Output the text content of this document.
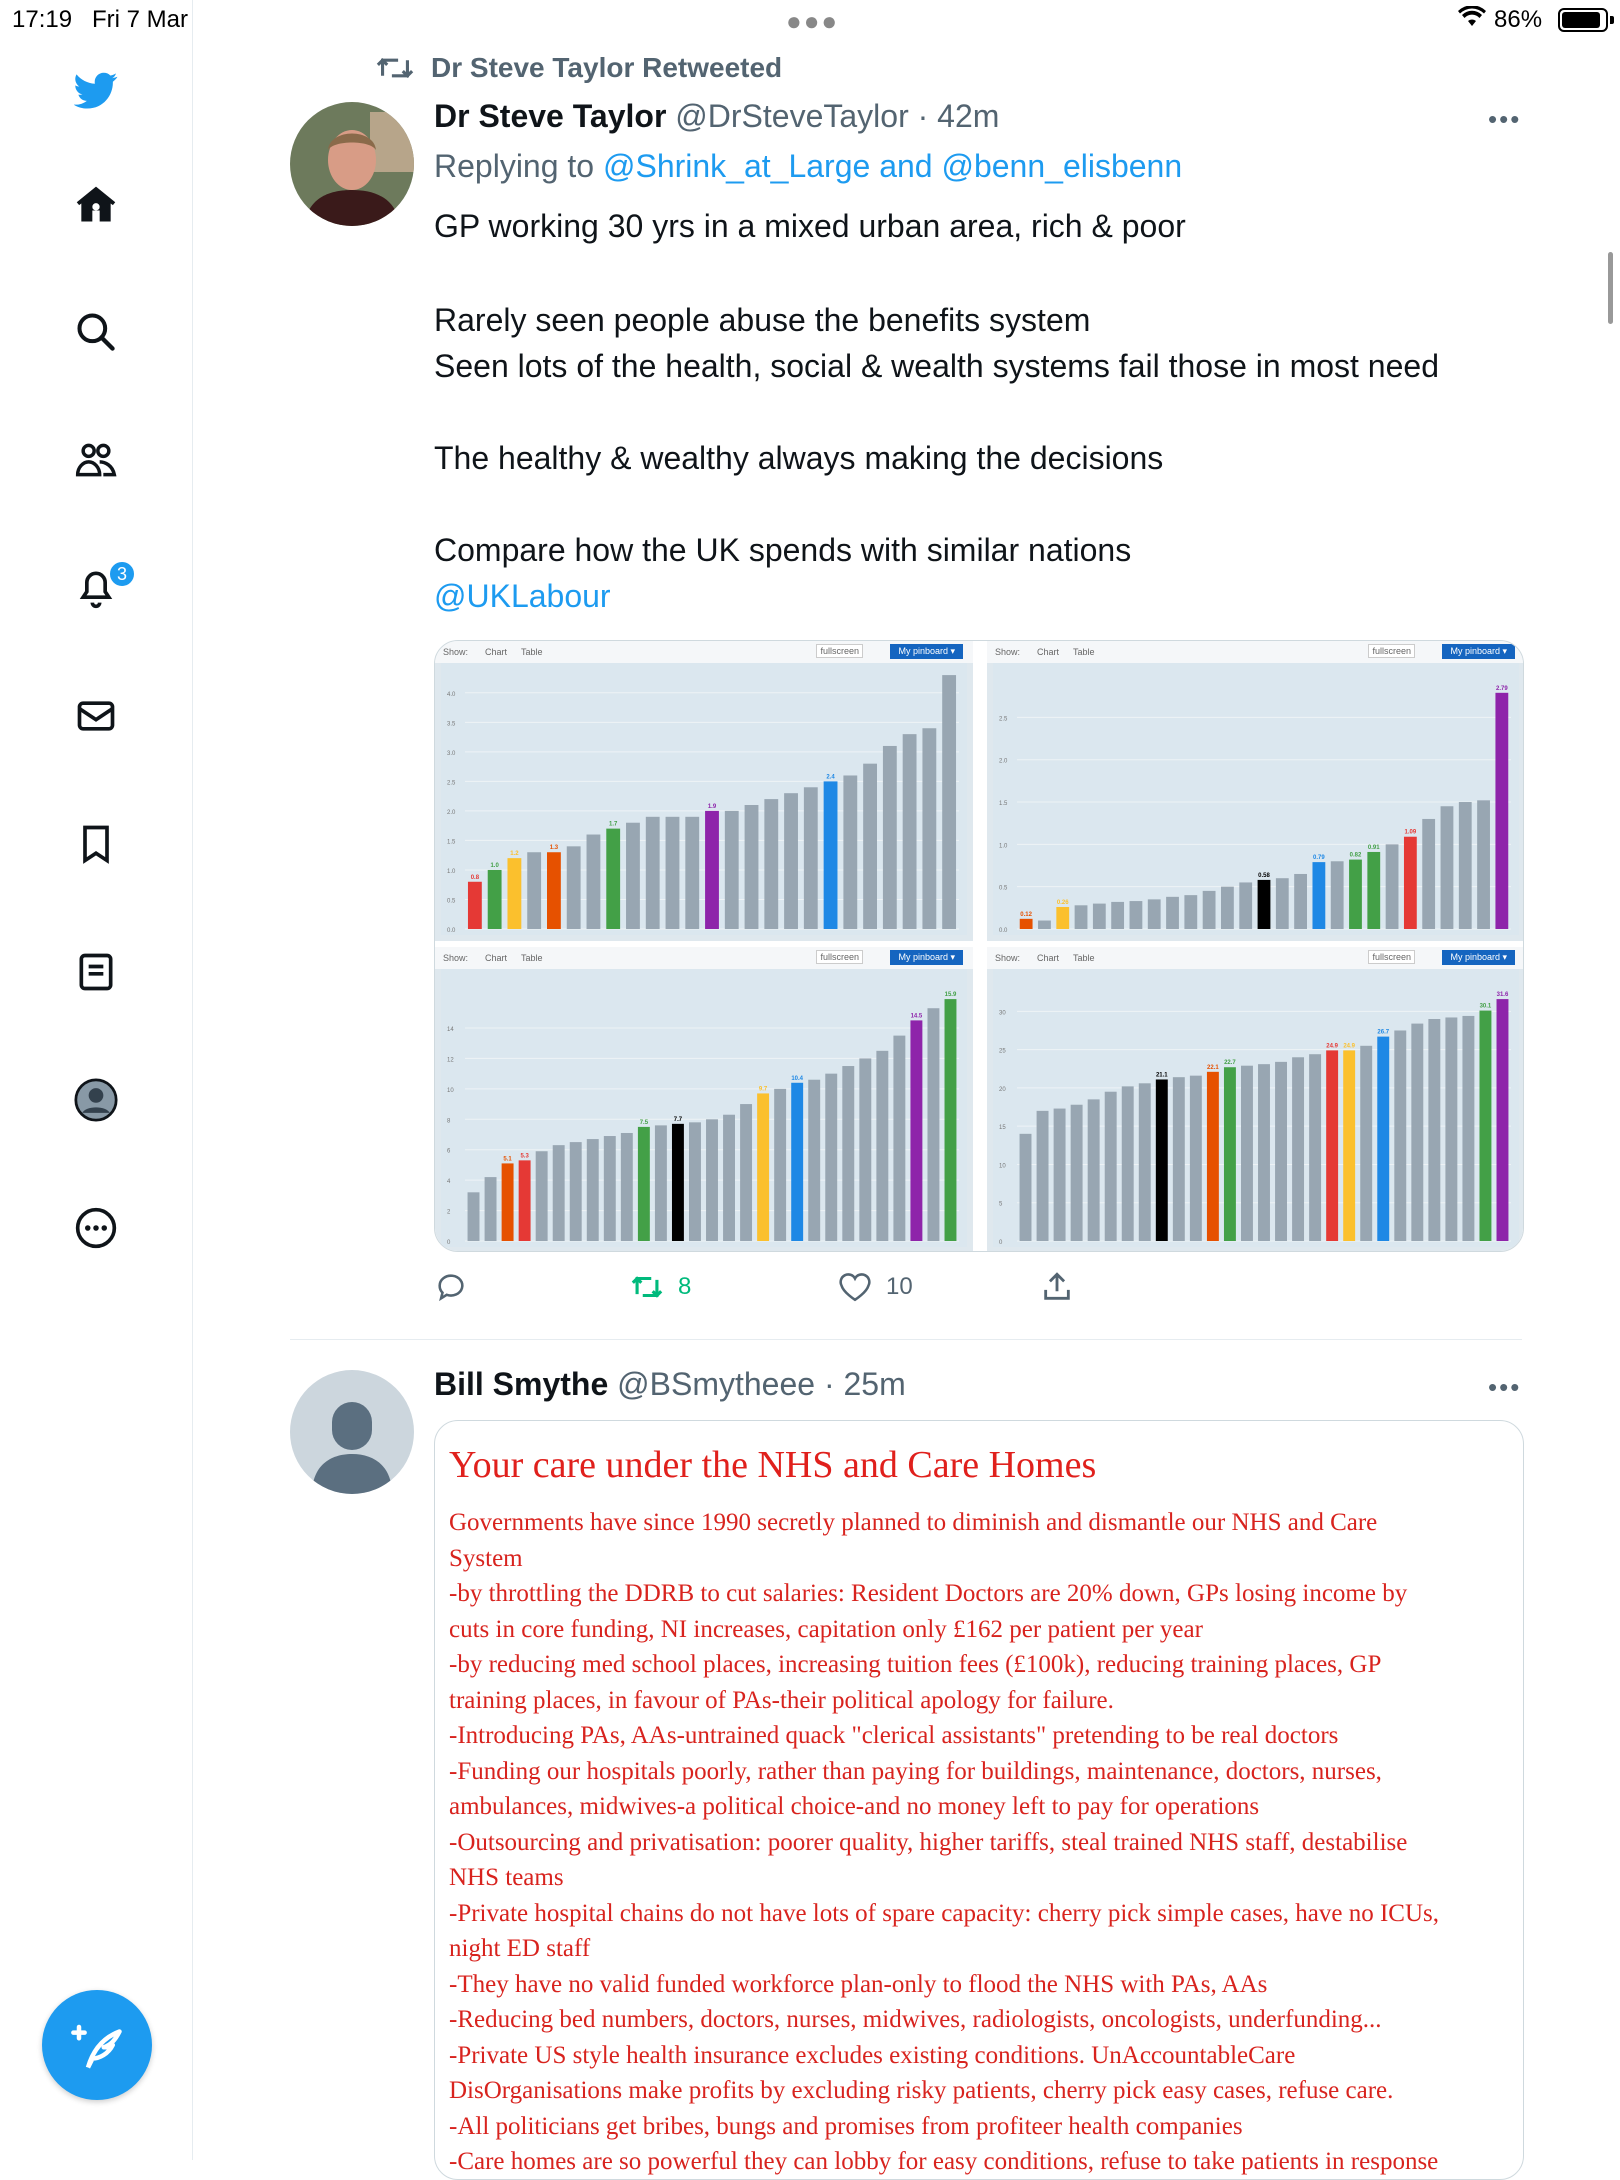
17:19 Fri 7 Mar	●●●	86%
3
Dr Steve Taylor Retweeted
Dr Steve Taylor @DrSteveTaylor · 42m	•••
Replying to @Shrink_at_Large and @benn_elisbenn
GP working 30 yrs in a mixed urban area, rich & poor
Rarely seen people abuse the benefits system
Seen lots of the health, social & wealth systems fail those in most need
The healthy & wealthy always making the decisions
Compare how the UK spends with similar nations
@UKLabour
Show: Chart Table	fullscreen	My pinboard ▾
0.0
0.5
1.0
1.5
2.0
2.5
3.0
3.5
4.0
0.8
1.0
1.2
1.3
1.7
1.9
2.4
Show: Chart Table	fullscreen	My pinboard ▾
0.0
0.5
1.0
1.5
2.0
2.5
0.12
0.26
0.58
0.79	0.82
0.91
1.09
2.79
Show: Chart Table	fullscreen	My pinboard ▾
0
2
4
6
8
10
12
14
5.1
5.3
7.5
7.7
9.7
10.4
14.5
15.9
Show: Chart Table	fullscreen	My pinboard ▾
0
5
10
15
20
25
30
21.1
22.1
22.7
24.9 24.9
26.7
30.1
31.6
8	10
Bill Smythe @BSmytheee · 25m	•••
Your care under the NHS and Care Homes
Governments have since 1990 secretly planned to diminish and dismantle our NHS and Care
System
-by throttling the DDRB to cut salaries: Resident Doctors are 20% down, GPs losing income by
cuts in core funding, NI increases, capitation only £162 per patient per year
-by reducing med school places, increasing tuition fees (£100k), reducing training places, GP
training places, in favour of PAs-their political apology for failure.
-Introducing PAs, AAs-untrained quack "clerical assistants" pretending to be real doctors
-Funding our hospitals poorly, rather than paying for buildings, maintenance, doctors, nurses,
ambulances, midwives-a political choice-and no money left to pay for operations
-Outsourcing and privatisation: poorer quality, higher tariffs, steal trained NHS staff, destabilise
NHS teams
-Private hospital chains do not have lots of spare capacity: cherry pick simple cases, have no ICUs,
night ED staff
-They have no valid funded workforce plan-only to flood the NHS with PAs, AAs
-Reducing bed numbers, doctors, nurses, midwives, radiologists, oncologists, underfunding...
-Private US style health insurance excludes existing conditions. UnAccountableCare
DisOrganisations make profits by excluding risky patients, cherry pick easy cases, refuse care.
-All politicians get bribes, bungs and promises from profiteer health companies
-Care homes are so powerful they can lobby for easy conditions, refuse to take patients in response
